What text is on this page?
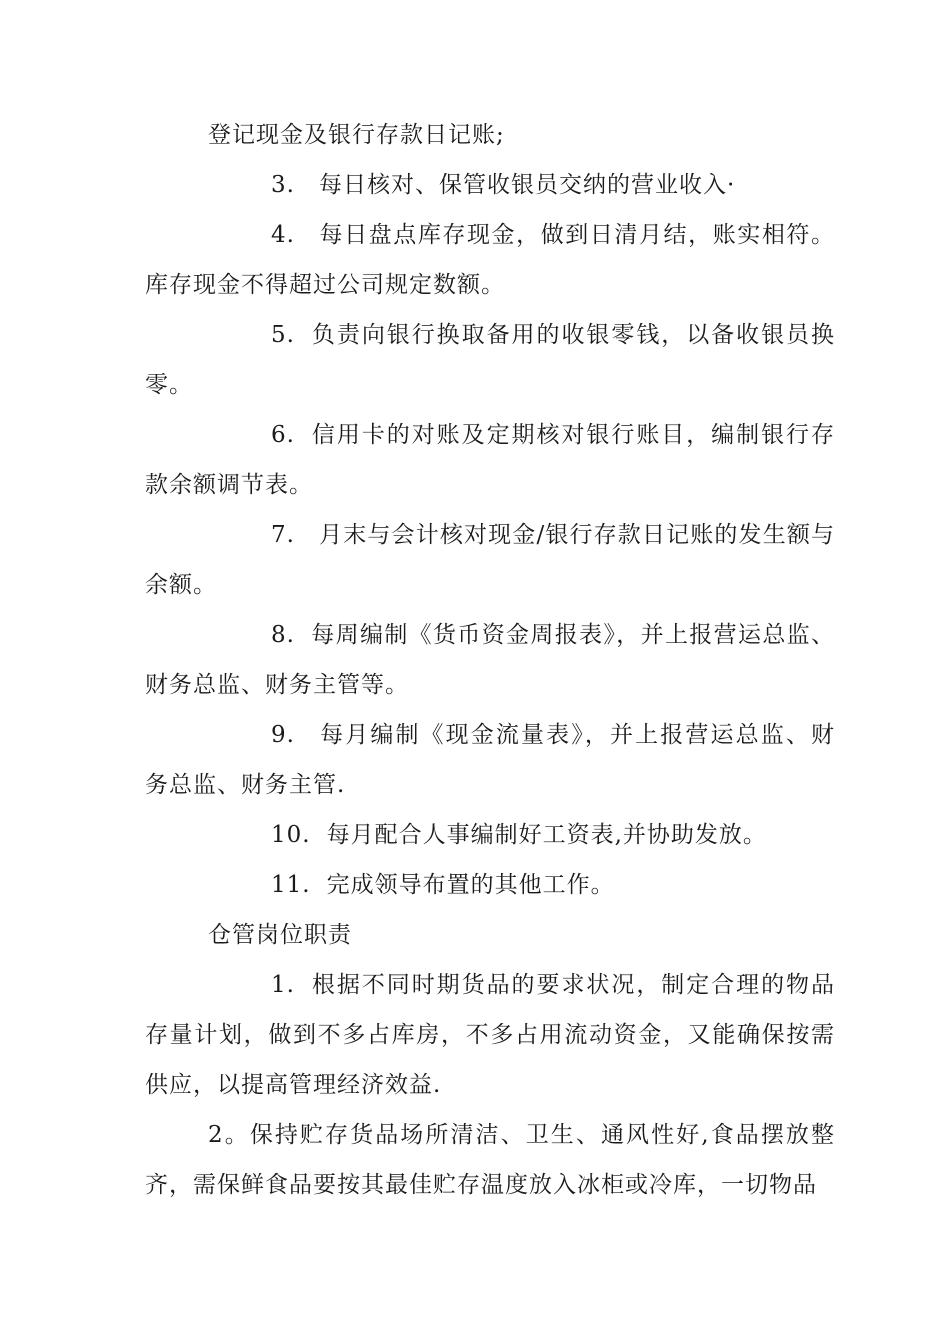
登记现金及银行存款日记账;

3. 每日核对、保管收银员交纳的营业收入·

4. 每日盘点库存现金，做到日清月结，账实相符。库存现金不得超过公司规定数额。

5. 负责向银行换取备用的收银零钱，以备收银员换零。

6. 信用卡的对账及定期核对银行账目，编制银行存款余额调节表。

7. 月末与会计核对现金/银行存款日记账的发生额与余额。

8. 每周编制《货币资金周报表》，并上报营运总监、财务总监、财务主管等。

9. 每月编制《现金流量表》，并上报营运总监、财务总监、财务主管.

10. 每月配合人事编制好工资表,并协助发放。

11. 完成领导布置的其他工作。

仓管岗位职责

1. 根据不同时期货品的要求状况，制定合理的物品存量计划，做到不多占库房，不多占用流动资金，又能确保按需供应，以提高管理经济效益.

2。保持贮存货品场所清洁、卫生、通风性好,食品摆放整齐，需保鲜食品要按其最佳贮存温度放入冰柜或冷库，一切物品
